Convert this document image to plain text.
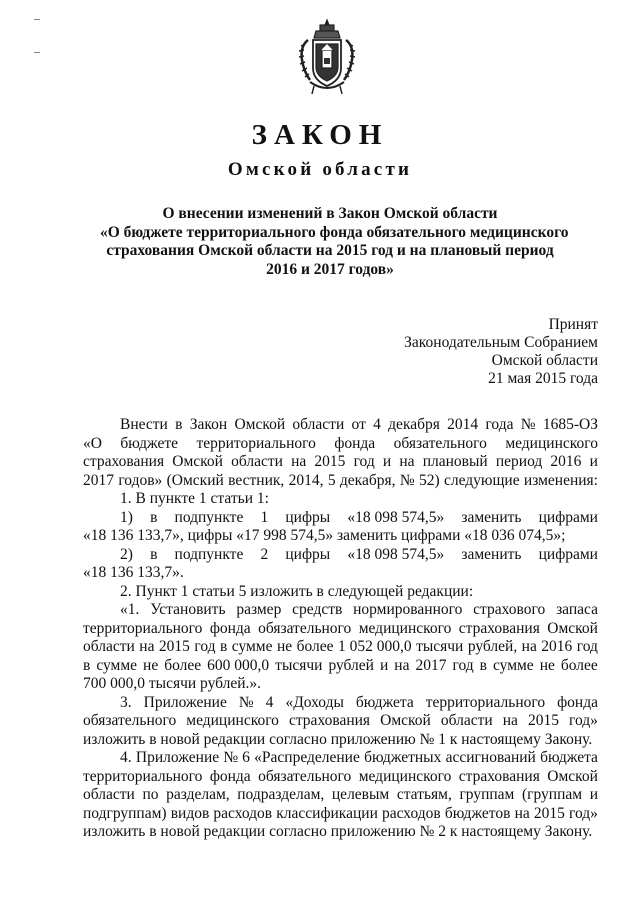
ЗАКОН
Омской области
О внесении изменений в Закон Омской области
«О бюджете территориального фонда обязательного медицинского
страхования Омской области на 2015 год и на плановый период
2016 и 2017 годов»
Принят
Законодательным Собранием
Омской области
21 мая 2015 года
Внести в Закон Омской области от 4 декабря 2014 года № 1685-ОЗ
«О бюджете территориального фонда обязательного медицинского
страхования Омской области на 2015 год и на плановый период 2016 и
2017 годов» (Омский вестник, 2014, 5 декабря, № 52) следующие изменения:
1. В пункте 1 статьи 1:
1) в подпункте 1 цифры «18 098 574,5» заменить цифрами
«18 136 133,7», цифры «17 998 574,5» заменить цифрами «18 036 074,5»;
2) в подпункте 2 цифры «18 098 574,5» заменить цифрами
«18 136 133,7».
2. Пункт 1 статьи 5 изложить в следующей редакции:
«1. Установить размер средств нормированного страхового запаса
территориального фонда обязательного медицинского страхования Омской
области на 2015 год в сумме не более 1 052 000,0 тысячи рублей, на 2016 год
в сумме не более 600 000,0 тысячи рублей и на 2017 год в сумме не более
700 000,0 тысячи рублей.».
3. Приложение № 4 «Доходы бюджета территориального фонда
обязательного медицинского страхования Омской области на 2015 год»
изложить в новой редакции согласно приложению № 1 к настоящему Закону.
4. Приложение № 6 «Распределение бюджетных ассигнований бюджета
территориального фонда обязательного медицинского страхования Омской
области по разделам, подразделам, целевым статьям, группам (группам и
подгруппам) видов расходов классификации расходов бюджетов на 2015 год»
изложить в новой редакции согласно приложению № 2 к настоящему Закону.
